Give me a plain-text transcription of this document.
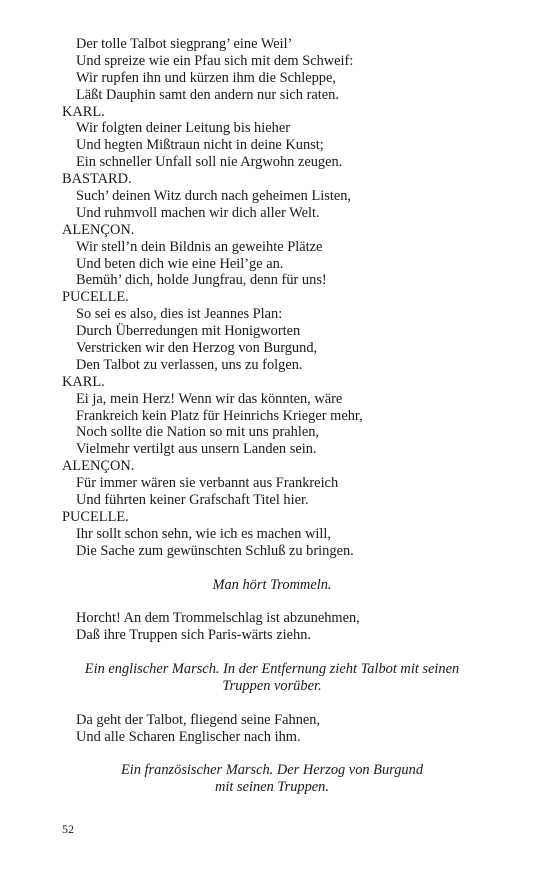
Der tolle Talbot siegprang’ eine Weil’
Und spreize wie ein Pfau sich mit dem Schweif:
Wir rupfen ihn und kürzen ihm die Schleppe,
Läßt Dauphin samt den andern nur sich raten.
KARL.
Wir folgten deiner Leitung bis hieher
Und hegten Mißtraun nicht in deine Kunst;
Ein schneller Unfall soll nie Argwohn zeugen.
BASTARD.
Such’ deinen Witz durch nach geheimen Listen,
Und ruhmvoll machen wir dich aller Welt.
ALENÇON.
Wir stell’n dein Bildnis an geweihte Plätze
Und beten dich wie eine Heil’ge an.
Bemüh’ dich, holde Jungfrau, denn für uns!
PUCELLE.
So sei es also, dies ist Jeannes Plan:
Durch Überredungen mit Honigworten
Verstricken wir den Herzog von Burgund,
Den Talbot zu verlassen, uns zu folgen.
KARL.
Ei ja, mein Herz! Wenn wir das könnten, wäre
Frankreich kein Platz für Heinrichs Krieger mehr,
Noch sollte die Nation so mit uns prahlen,
Vielmehr vertilgt aus unsern Landen sein.
ALENÇON.
Für immer wären sie verbannt aus Frankreich
Und führten keiner Grafschaft Titel hier.
PUCELLE.
Ihr sollt schon sehn, wie ich es machen will,
Die Sache zum gewünschten Schluß zu bringen.
Man hört Trommeln.
Horcht! An dem Trommelschlag ist abzunehmen,
Daß ihre Truppen sich Paris-wärts ziehn.
Ein englischer Marsch. In der Entfernung zieht Talbot mit seinen
Truppen vorüber.
Da geht der Talbot, fliegend seine Fahnen,
Und alle Scharen Englischer nach ihm.
Ein französischer Marsch. Der Herzog von Burgund
mit seinen Truppen.
52
